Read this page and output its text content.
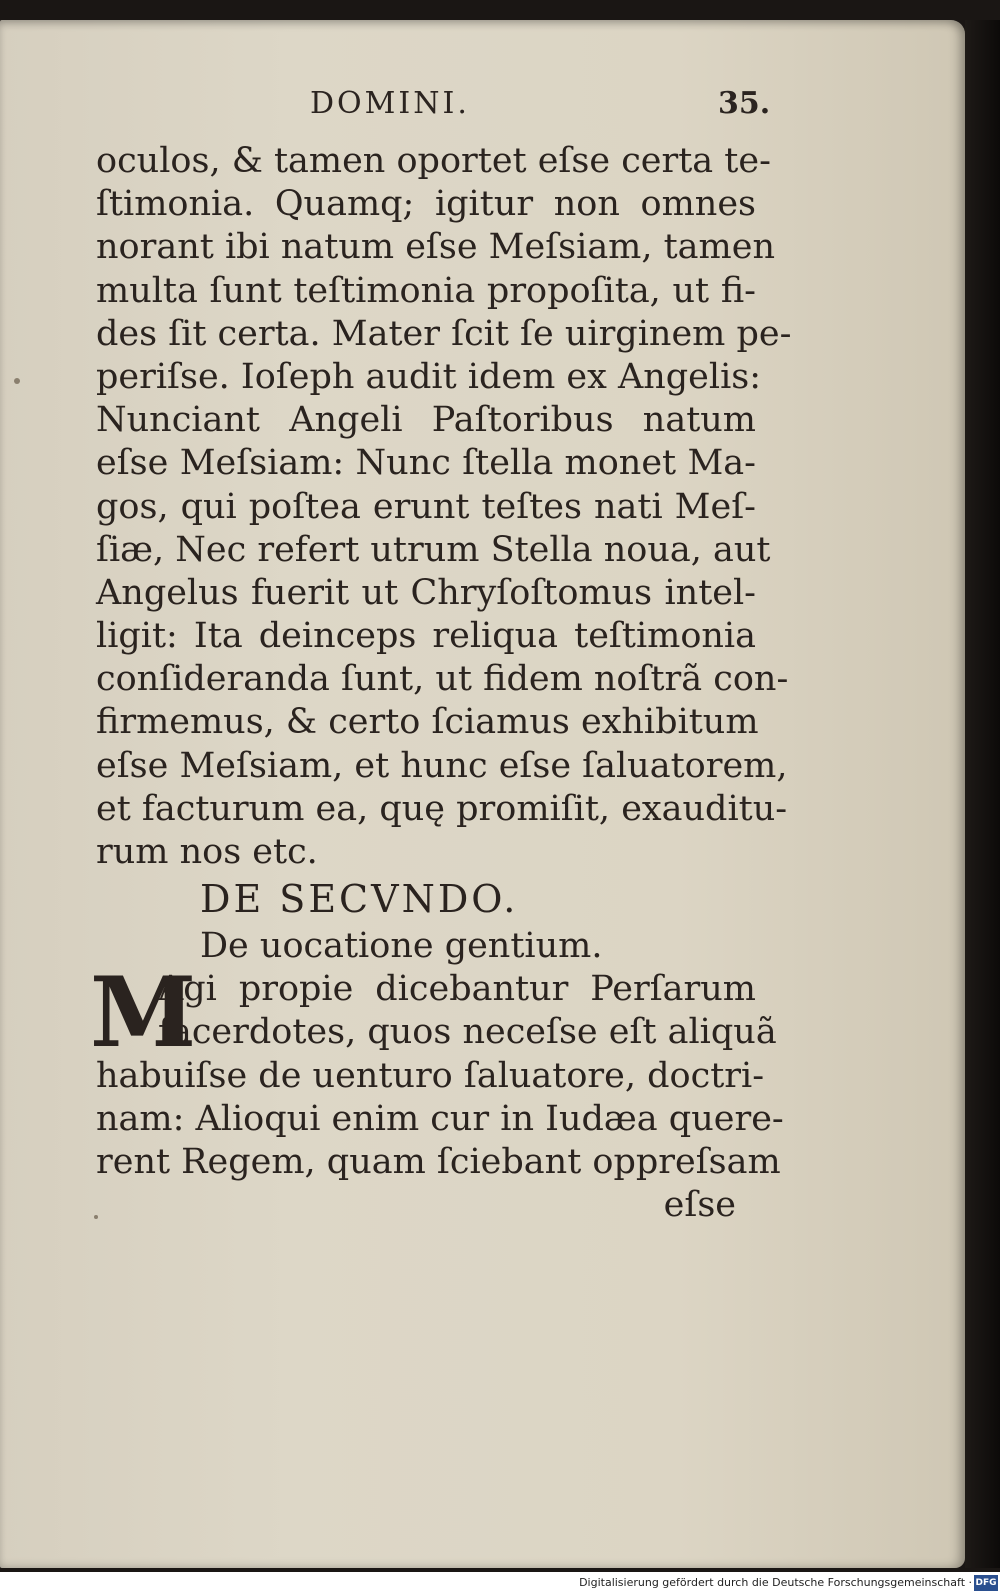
DOMINI.	35.
oculos, & tamen oportet eſse certa te-
ſtimonia. Quamq; igitur non omnes
norant ibi natum eſse Meſsiam, tamen
multa ſunt teſtimonia propoſita, ut fi-
des ſit certa. Mater ſcit ſe uirginem pe-
periſse. Ioſeph audit idem ex Angelis:
Nunciant Angeli Paſtoribus natum
eſse Meſsiam: Nunc ſtella monet Ma-
gos, qui poſtea erunt teſtes nati Meſ-
ſiæ, Nec refert utrum Stella noua, aut
Angelus fuerit ut Chryſoſtomus intel-
ligit: Ita deinceps reliqua teſtimonia
conſideranda ſunt, ut fidem noſtrã con-
firmemus, & certo ſciamus exhibitum
eſse Meſsiam, et hunc eſse ſaluatorem,
et facturum ea, quę promiſit, exauditu-
rum nos etc.
DE SECVNDO.
De uocatione gentium.
M
Agi propie dicebantur Perſarum
ſacerdotes, quos neceſse eſt aliquã
habuiſse de uenturo ſaluatore, doctri-
nam: Alioqui enim cur in Iudæa quere-
rent Regem, quam ſciebant oppreſsam
eſse
Digitalisierung gefördert durch die Deutsche Forschungsgemeinschaft · DFG
